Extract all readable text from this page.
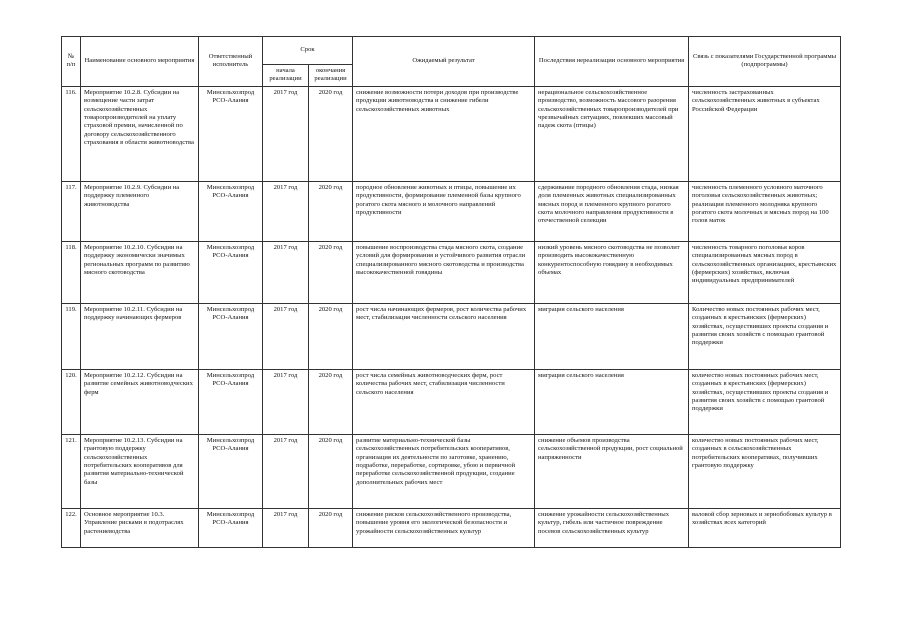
№ п/п	Наименование основного мероприятия	Ответственный исполнитель	Срок		Ожидаемый результат	Последствия нереализации основного мероприятия	Связь с показателями Государственной программы (подпрограммы)
			начала реализации	окончания реализации			
116.	Мероприятие 10.2.8. Субсидии на возмещение части затрат сельскохозяйственных товаропроизводителей на уплату страховой премии, начисленной по договору сельскохозяйственного страхования в области животноводства	Минсельхозпрод РСО-Алания	2017 год	2020 год	снижение возможности потери доходов при производстве продукции животноводства и снижение гибели сельскохозяйственных животных	нерациональное сельскохозяйственное производство, возможность массового разорения сельскохозяйственных товаропроизводителей при чрезвычайных ситуациях, повлекших массовый падеж скота (птицы)	численность застрахованных сельскохозяйственных животных в субъектах Российской Федерации
117.	Мероприятие 10.2.9. Субсидии на поддержку племенного животноводства	Минсельхозпрод РСО-Алания	2017 год	2020 год	породное обновление животных и птицы, повышение их продуктивности, формирование племенной базы крупного рогатого скота мясного и молочного направлений продуктивности	сдерживание породного обновления стада, низкая доля племенных животных специализированных мясных пород и племенного крупного рогатого скота молочного направления продуктивности в отечественной селекции	численность племенного условного маточного поголовья сельскохозяйственных животных; реализация племенного молодняка крупного рогатого скота молочных и мясных пород на 100 голов маток
118.	Мероприятие 10.2.10. Субсидии на поддержку экономически значимых региональных программ по развитию мясного скотоводства	Минсельхозпрод РСО-Алания	2017 год	2020 год	повышение воспроизводства стада мясного скота, создание условий для формирования и устойчивого развития отрасли специализированного мясного скотоводства и производства высококачественной говядины	низкий уровень мясного скотоводства не позволит производить высококачественную конкурентоспособную говядину в необходимых объемах	численность товарного поголовья коров специализированных мясных пород в сельскохозяйственных организациях, крестьянских (фермерских) хозяйствах, включая индивидуальных предпринимателей
119.	Мероприятие 10.2.11. Субсидии на поддержку начинающих фермеров	Минсельхозпрод РСО-Алания	2017 год	2020 год	рост числа начинающих фермеров, рост количества рабочих мест, стабилизация численности сельского населения	миграция сельского населения	Количество новых постоянных рабочих мест, созданных в крестьянских (фермерских) хозяйствах, осуществивших проекты создания и развития своих хозяйств с помощью грантовой поддержки
120.	Мероприятие 10.2.12. Субсидии на развитие семейных животноводческих ферм	Минсельхозпрод РСО-Алания	2017 год	2020 год	рост числа семейных животноводческих ферм, рост количества рабочих мест, стабилизация численности сельского населения	миграция сельского населения	количество новых постоянных рабочих мест, созданных в крестьянских (фермерских) хозяйствах, осуществивших проекты создания и развития своих хозяйств с помощью грантовой поддержки
121.	Мероприятие 10.2.13. Субсидии на грантовую поддержку сельскохозяйственных потребительских кооперативов для развития материально-технической базы	Минсельхозпрод РСО-Алания	2017 год	2020 год	развитие материально-технической базы сельскохозяйственных потребительских кооперативов, организация их деятельности по заготовке, хранению, подработке, переработке, сортировке, убою и первичной переработке сельскохозяйственной продукции, создание дополнительных рабочих мест	снижение объемов производства сельскохозяйственной продукции, рост социальной напряженности	количество новых постоянных рабочих мест, созданных в сельскохозяйственных потребительских кооперативах, получивших грантовую поддержку
122.	Основное мероприятие 10.3. Управление рисками в подотраслях растениеводства	Минсельхозпрод РСО-Алания	2017 год	2020 год	снижение рисков сельскохозяйственного производства, повышение уровня его экологической безопасности и урожайности сельскохозяйственных культур	снижение урожайности сельскохозяйственных культур, гибель или частичное повреждение посевов сельскохозяйственных культур	валовой сбор зерновых и зернобобовых культур в хозяйствах всех категорий
